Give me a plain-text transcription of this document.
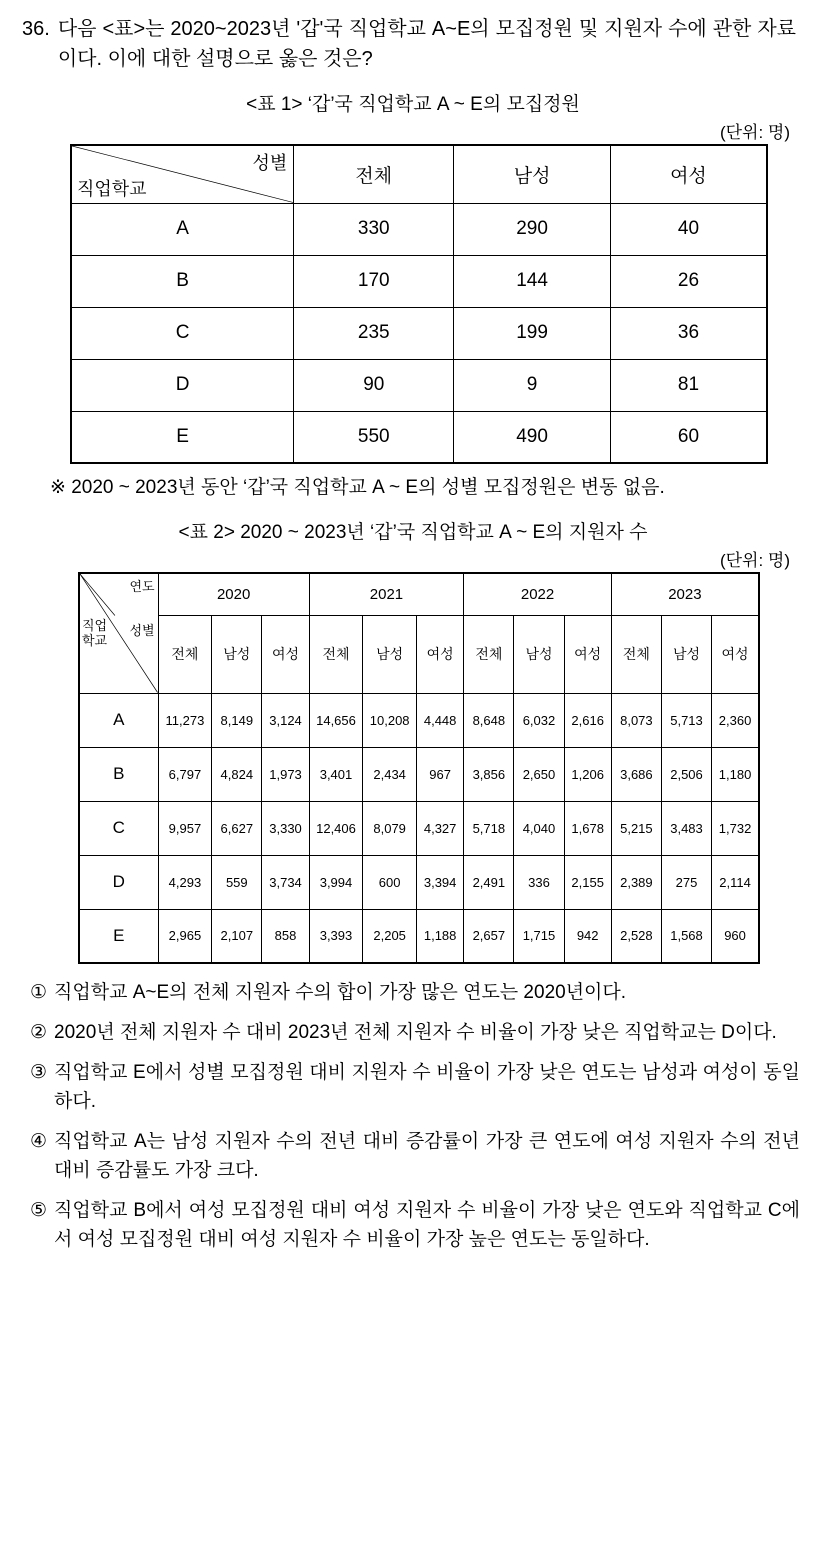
36. 다음 <표>는 2020~2023년 '갑'국 직업학교 A~E의 모집정원 및 지원자 수에 관한 자료이다. 이에 대한 설명으로 옳은 것은?
<표 1> ‘갑’국 직업학교 A ~ E의 모집정원
(단위: 명)
성별
직업학교	전체	남성	여성
A	330	290	40
B	170	144	26
C	235	199	36
D	90	9	81
E	550	490	60
※ 2020 ~ 2023년 동안 ‘갑’국 직업학교 A ~ E의 성별 모집정원은 변동 없음.
<표 2> 2020 ~ 2023년 ‘갑’국 직업학교 A ~ E의 지원자 수
(단위: 명)
연도
성별
직업
학교	2020			2021			2022			2023		
	전체	남성	여성	전체	남성	여성	전체	남성	여성	전체	남성	여성
A	11,273	8,149	3,124	14,656	10,208	4,448	8,648	6,032	2,616	8,073	5,713	2,360
B	6,797	4,824	1,973	3,401	2,434	967	3,856	2,650	1,206	3,686	2,506	1,180
C	9,957	6,627	3,330	12,406	8,079	4,327	5,718	4,040	1,678	5,215	3,483	1,732
D	4,293	559	3,734	3,994	600	3,394	2,491	336	2,155	2,389	275	2,114
E	2,965	2,107	858	3,393	2,205	1,188	2,657	1,715	942	2,528	1,568	960
① 직업학교 A~E의 전체 지원자 수의 합이 가장 많은 연도는 2020년이다.
② 2020년 전체 지원자 수 대비 2023년 전체 지원자 수 비율이 가장 낮은 직업학교는 D이다.
③ 직업학교 E에서 성별 모집정원 대비 지원자 수 비율이 가장 낮은 연도는 남성과 여성이 동일하다.
④ 직업학교 A는 남성 지원자 수의 전년 대비 증감률이 가장 큰 연도에 여성 지원자 수의 전년 대비 증감률도 가장 크다.
⑤ 직업학교 B에서 여성 모집정원 대비 여성 지원자 수 비율이 가장 낮은 연도와 직업학교 C에서 여성 모집정원 대비 여성 지원자 수 비율이 가장 높은 연도는 동일하다.
